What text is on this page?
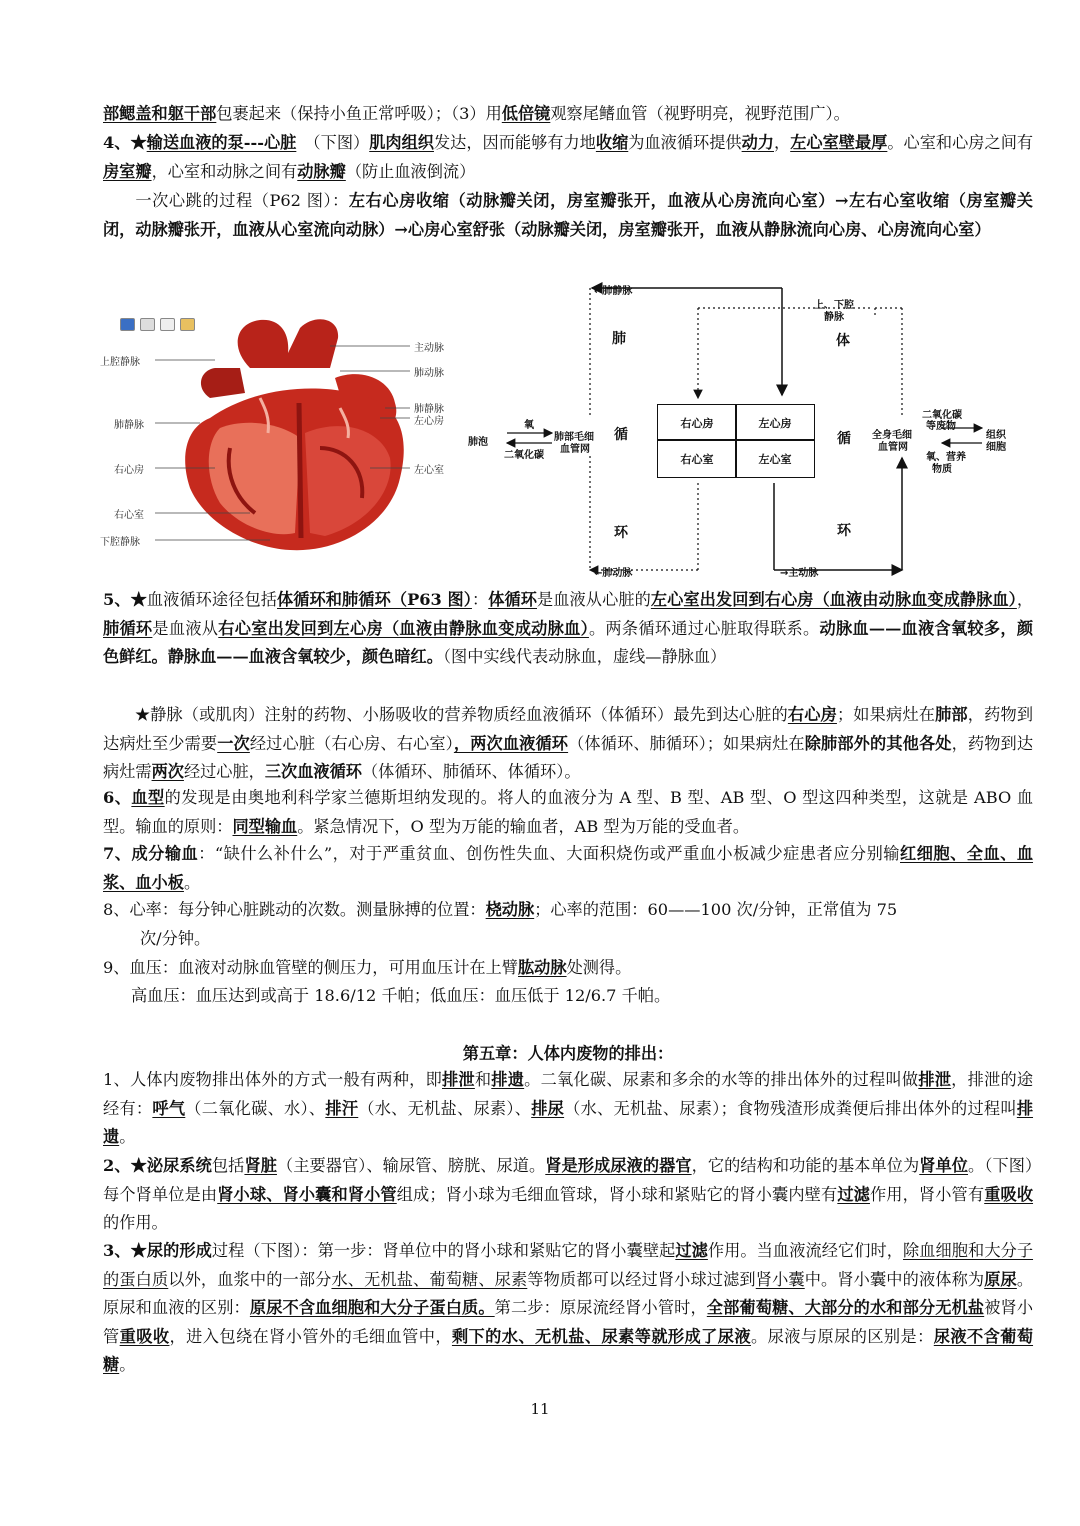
部鳃盖和躯干部包裹起来（保持小鱼正常呼吸）；（3）用低倍镜观察尾鳍血管（视野明亮，视野范围广）。
4、★输送血液的泵---心脏　（下图）肌肉组织发达，因而能够有力地收缩为血液循环提供动力，左心室壁最厚。心室和心房之间有房室瓣，心室和动脉之间有动脉瓣（防止血液倒流）
一次心跳的过程（P62 图）：左右心房收缩（动脉瓣关闭，房室瓣张开，血液从心房流向心室）→左右心室收缩（房室瓣关闭，动脉瓣张开，血液从心室流向动脉）→心房心室舒张（动脉瓣关闭，房室瓣张开，血液从静脉流向心房、心房流向心室）
上腔静脉
肺静脉
右心房
右心室
下腔静脉
主动脉
肺动脉
肺静脉
左心房
左心室
←肺静脉
上、下腔
静脉
肺	体
循	循
环	环
氧
二氧化碳
肺泡	肺部毛细
血管网
全身毛细
血管网
二氧化碳
等废物
组织
细胞
氧、营养
物质
右心房	左心房
右心室	左心室
←肺动脉	→主动脉
5、★血液循环途径包括体循环和肺循环（P63 图）：体循环是血液从心脏的左心室出发回到右心房（血液由动脉血变成静脉血），肺循环是血液从右心室出发回到左心房（血液由静脉血变成动脉血）。两条循环通过心脏取得联系。动脉血——血液含氧较多，颜色鲜红。静脉血——血液含氧较少，颜色暗红。（图中实线代表动脉血，虚线—静脉血）
★静脉（或肌肉）注射的药物、小肠吸收的营养物质经血液循环（体循环）最先到达心脏的右心房；如果病灶在肺部，药物到达病灶至少需要一次经过心脏（右心房、右心室），两次血液循环（体循环、肺循环）；如果病灶在除肺部外的其他各处，药物到达病灶需两次经过心脏，三次血液循环（体循环、肺循环、体循环）。
6、血型的发现是由奥地利科学家兰德斯坦纳发现的。将人的血液分为 A 型、B 型、AB 型、O 型这四种类型，这就是 ABO 血型。输血的原则：同型输血。紧急情况下，O 型为万能的输血者，AB 型为万能的受血者。
7、成分输血：“缺什么补什么”，对于严重贫血、创伤性失血、大面积烧伤或严重血小板减少症患者应分别输红细胞、全血、血浆、血小板。
8、心率：每分钟心脏跳动的次数。测量脉搏的位置：桡动脉；心率的范围：60——100 次/分钟，正常值为 75
次/分钟。
9、血压：血液对动脉血管壁的侧压力，可用血压计在上臂肱动脉处测得。
高血压：血压达到或高于 18.6/12 千帕；低血压：血压低于 12/6.7 千帕。
第五章：人体内废物的排出：
1、人体内废物排出体外的方式一般有两种，即排泄和排遗。二氧化碳、尿素和多余的水等的排出体外的过程叫做排泄，排泄的途经有：呼气（二氧化碳、水）、排汗（水、无机盐、尿素）、排尿（水、无机盐、尿素）；食物残渣形成粪便后排出体外的过程叫排遗。
2、★泌尿系统包括肾脏（主要器官）、输尿管、膀胱、尿道。肾是形成尿液的器官，它的结构和功能的基本单位为肾单位。（下图）每个肾单位是由肾小球、肾小囊和肾小管组成；肾小球为毛细血管球，肾小球和紧贴它的肾小囊内壁有过滤作用，肾小管有重吸收的作用。
3、★尿的形成过程（下图）：第一步：肾单位中的肾小球和紧贴它的肾小囊壁起过滤作用。当血液流经它们时，除血细胞和大分子的蛋白质以外，血浆中的一部分水、无机盐、葡萄糖、尿素等物质都可以经过肾小球过滤到肾小囊中。肾小囊中的液体称为原尿。原尿和血液的区别：原尿不含血细胞和大分子蛋白质。第二步：原尿流经肾小管时，全部葡萄糖、大部分的水和部分无机盐被肾小管重吸收，进入包绕在肾小管外的毛细血管中，剩下的水、无机盐、尿素等就形成了尿液。尿液与原尿的区别是：尿液不含葡萄糖。
11
